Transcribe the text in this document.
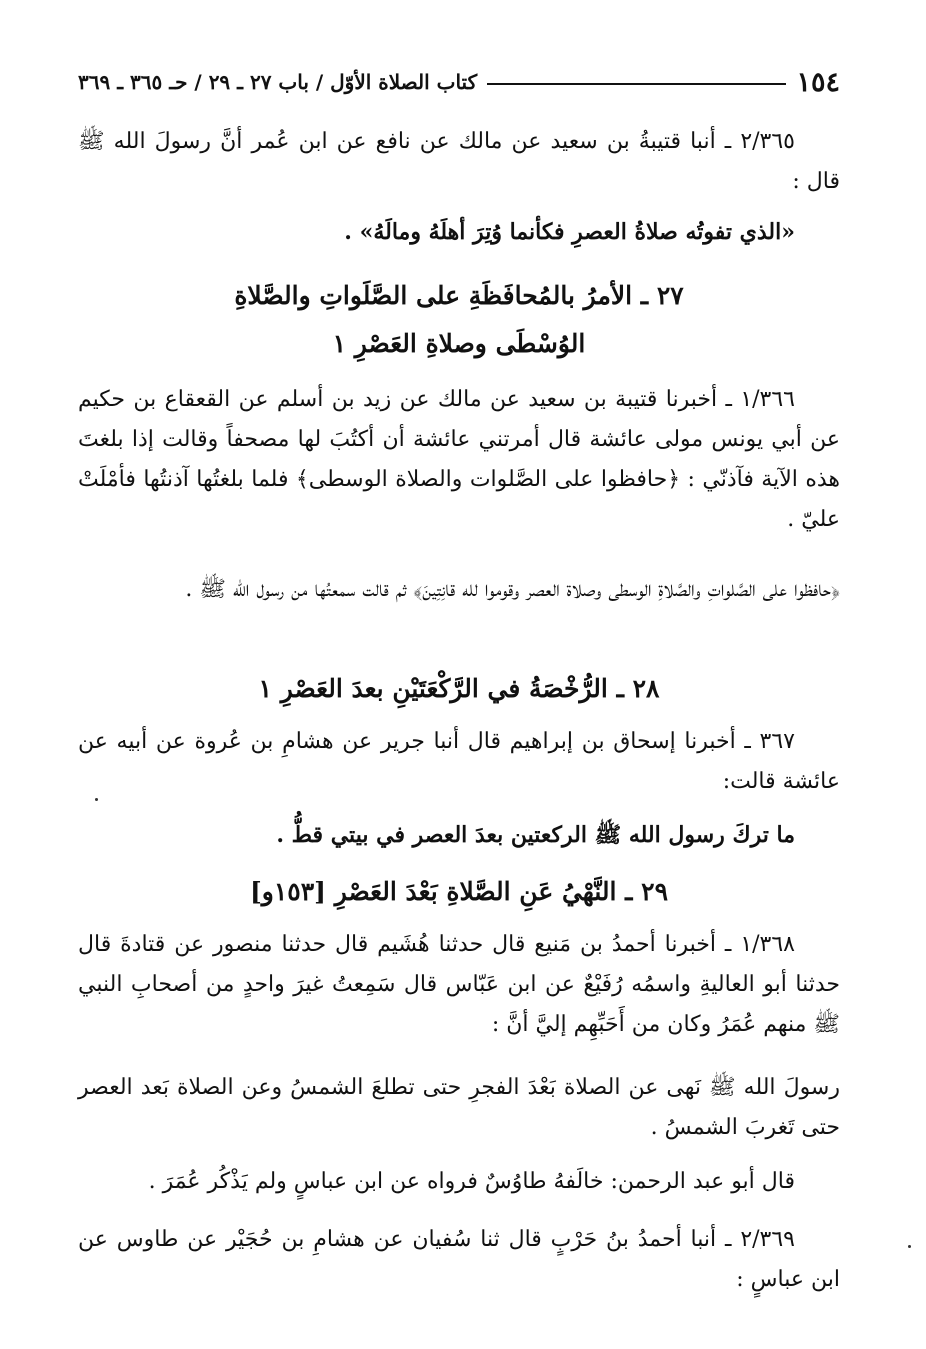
١٥٤
كتاب الصلاة الأوّل / باب ٢٧ ـ ٢٩ / حـ ٣٦٥ ـ ٣٦٩

٢/٣٦٥ ـ أنبا قتيبةُ بن سعيد عن مالك عن نافع عن ابن عُمر أنَّ رسولَ الله ﷺ قال :

«الذي تفوتُه صلاةُ العصرِ فكأنما وُتِرَ أهلَهُ ومالَهُ» .

٢٧ ـ الأمرُ بالمُحافَظَةِ على الصَّلَواتِ والصَّلاةِ
الوُسْطَى وصلاةِ العَصْرِ ١

١/٣٦٦ ـ أخبرنا قتيبة بن سعيد عن مالك عن زيد بن أسلم عن القعقاع بن حكيم عن أبي يونس مولى عائشة قال أمرتني عائشة أن أكتُبَ لها مصحفاً وقالت إذا بلغتَ هذه الآية فآذنّي : ﴿حافظوا على الصَّلوات والصلاة الوسطى﴾ فلما بلغتُها آذنتُها فأمْلَتْ عليّ .

﴿حافظوا على الصَّلواتِ والصَّلاةِ الوسطى وصلاة العصر وقوموا لله قانِتِينَ﴾ ثم قالت سمعتُها من رسول الله ﷺ .

٢٨ ـ الرُّخْصَةُ في الرَّكْعَتَيْنِ بعدَ العَصْرِ ١

٣٦٧ ـ أخبرنا إسحاق بن إبراهيم قال أنبا جرير عن هشامِ بن عُروة عن أبيه عن عائشة قالت:

ما تركَ رسول الله ﷺ الركعتين بعدَ العصر في بيتي قطُّ .

٢٩ ـ النَّهْيُ عَنِ الصَّلاةِ بَعْدَ العَصْرِ [١٥٣و]

١/٣٦٨ ـ أخبرنا أحمدُ بن مَنيع قال حدثنا هُشَيم قال حدثنا منصور عن قتادةَ قال حدثنا أبو العاليةِ واسمُه رُفَيْعٌ عن ابن عَبّاس قال سَمِعتُ غيرَ واحدٍ من أصحابِ النبي ﷺ منهم عُمَرُ وكان من أَحَبِّهِم إليَّ أنَّ :

رسولَ الله ﷺ نَهى عن الصلاة بَعْدَ الفجرِ حتى تطلعَ الشمسُ وعن الصلاة بَعد العصر حتى تَغربَ الشمسُ .

قال أبو عبد الرحمن: خالَفهُ طاوُسٌ فرواه عن ابن عباسٍ ولم يَذْكُر عُمَرَ .

٢/٣٦٩ ـ أنبا أحمدُ بنُ حَرْبٍ قال ثنا سُفيان عن هشامِ بن حُجَيْر عن طاوس عن ابن عباسٍ :
